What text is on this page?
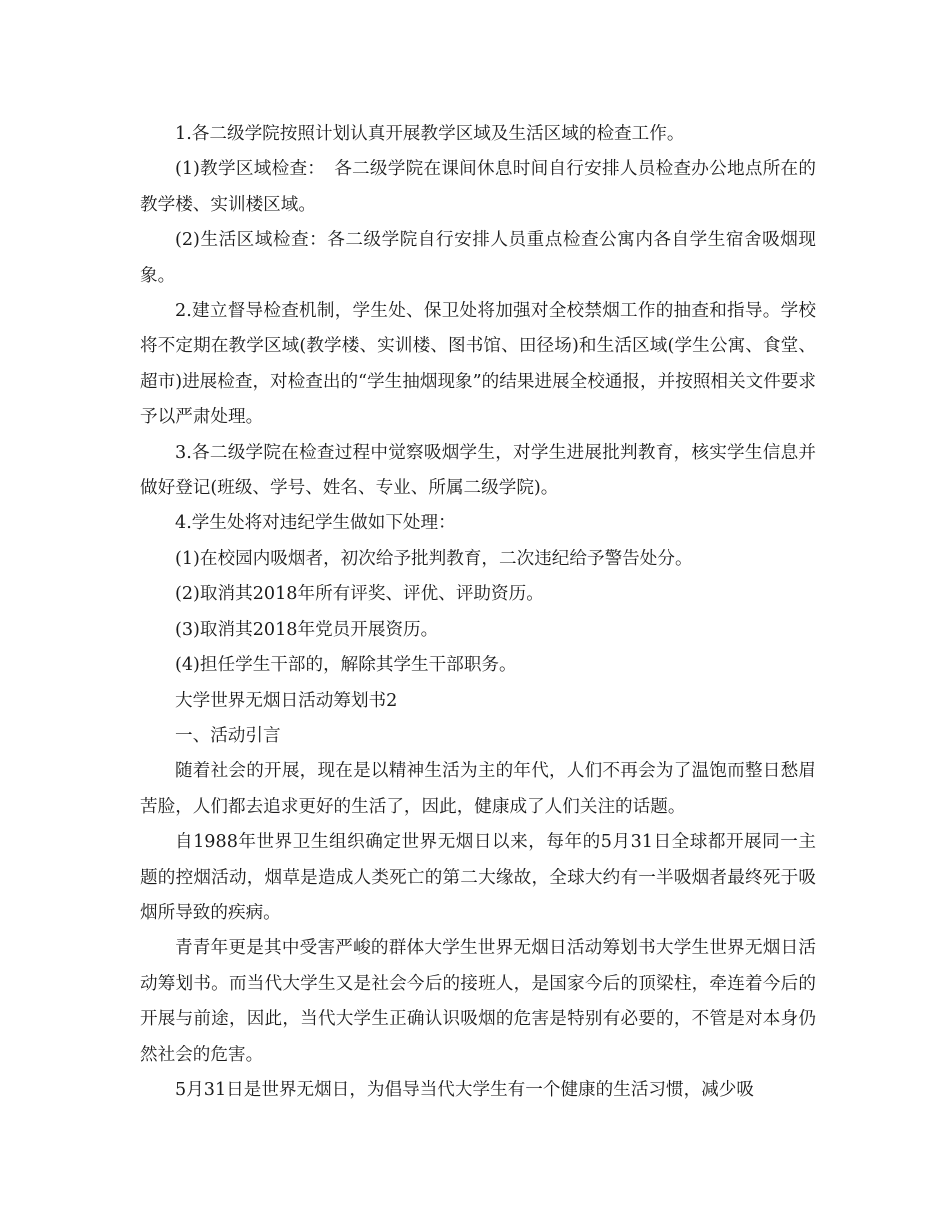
1.各二级学院按照计划认真开展教学区域及生活区域的检查工作。

(1)教学区域检查：　各二级学院在课间休息时间自行安排人员检查办公地点所在的教学楼、实训楼区域。

(2)生活区域检查：各二级学院自行安排人员重点检查公寓内各自学生宿舍吸烟现象。

2.建立督导检查机制，学生处、保卫处将加强对全校禁烟工作的抽查和指导。学校将不定期在教学区域(教学楼、实训楼、图书馆、田径场)和生活区域(学生公寓、食堂、超市)进展检查，对检查出的“学生抽烟现象”的结果进展全校通报，并按照相关文件要求予以严肃处理。

3.各二级学院在检查过程中觉察吸烟学生，对学生进展批判教育，核实学生信息并做好登记(班级、学号、姓名、专业、所属二级学院)。

4.学生处将对违纪学生做如下处理：

(1)在校园内吸烟者，初次给予批判教育，二次违纪给予警告处分。

(2)取消其2018年所有评奖、评优、评助资历。

(3)取消其2018年党员开展资历。

(4)担任学生干部的，解除其学生干部职务。

大学世界无烟日活动筹划书2

一、活动引言

随着社会的开展，现在是以精神生活为主的年代，人们不再会为了温饱而整日愁眉苦脸，人们都去追求更好的生活了，因此，健康成了人们关注的话题。

自1988年世界卫生组织确定世界无烟日以来，每年的5月31日全球都开展同一主题的控烟活动，烟草是造成人类死亡的第二大缘故，全球大约有一半吸烟者最终死于吸烟所导致的疾病。

青青年更是其中受害严峻的群体大学生世界无烟日活动筹划书大学生世界无烟日活动筹划书。而当代大学生又是社会今后的接班人，是国家今后的顶梁柱，牵连着今后的开展与前途，因此，当代大学生正确认识吸烟的危害是特别有必要的，不管是对本身仍然社会的危害。

5月31日是世界无烟日，为倡导当代大学生有一个健康的生活习惯，减少吸
